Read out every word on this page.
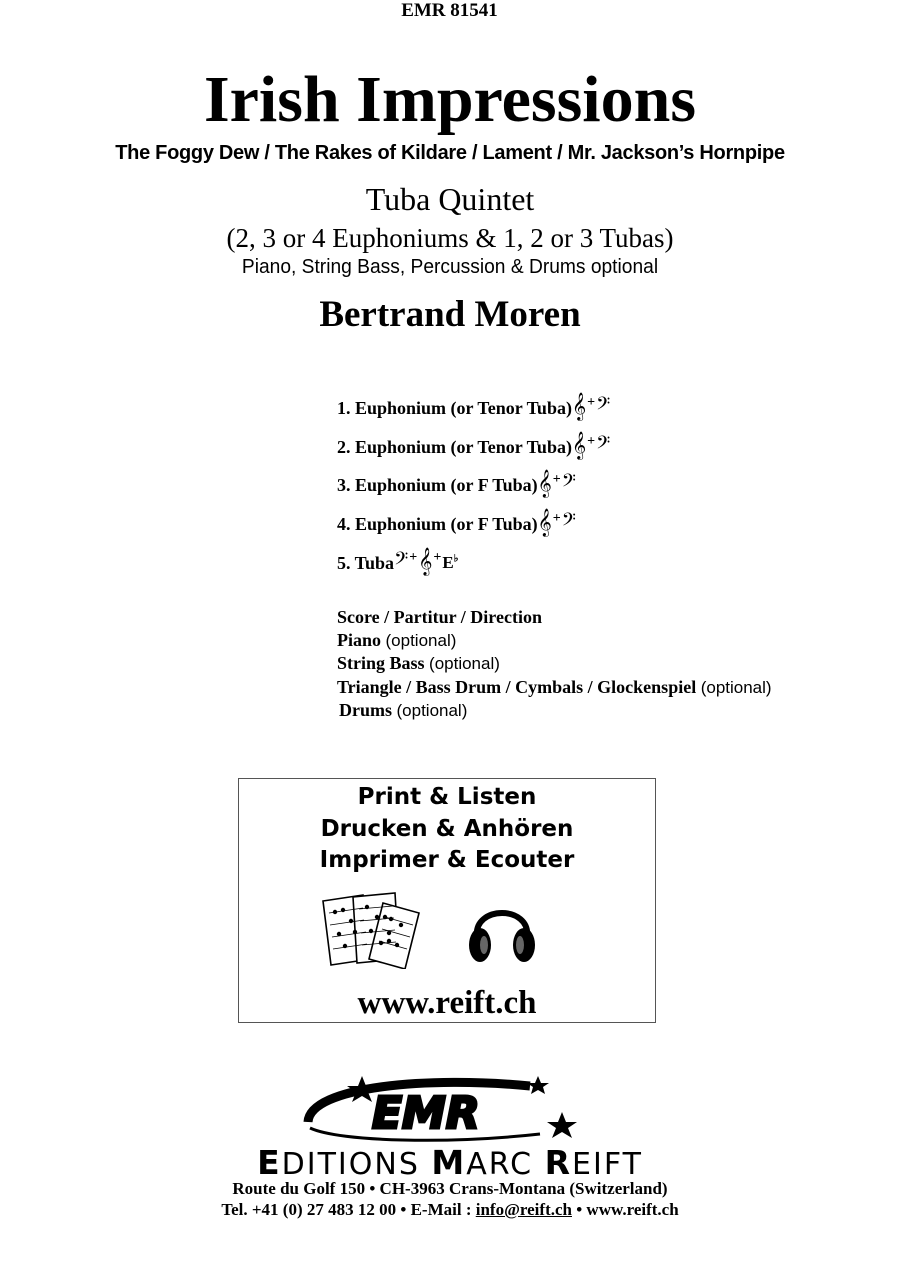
Irish Impressions
The Foggy Dew / The Rakes of Kildare / Lament / Mr. Jackson’s Hornpipe
Tuba Quintet
(2, 3 or 4 Euphoniums & 1, 2 or 3 Tubas)
Piano, String Bass, Percussion & Drums optional
Bertrand Moren
EMR 81541
1. Euphonium (or Tenor Tuba) 𝄞 + 𝄢
2. Euphonium (or Tenor Tuba) 𝄞 + 𝄢
3. Euphonium (or F Tuba) 𝄞 + 𝄢
4. Euphonium (or F Tuba) 𝄞 + 𝄢
5. Tuba 𝄢 + 𝄞 + E♭
Score / Partitur / Direction
Piano (optional)
String Bass (optional)
Triangle / Bass Drum / Cymbals / Glockenspiel (optional)
Drums (optional)
Print & Listen
Drucken & Anhören
Imprimer & Ecouter
www.reift.ch
EMR
EDITIONS MARC REIFT
Route du Golf 150 • CH-3963 Crans-Montana (Switzerland)
Tel. +41 (0) 27 483 12 00 • E-Mail : info@reift.ch • www.reift.ch
